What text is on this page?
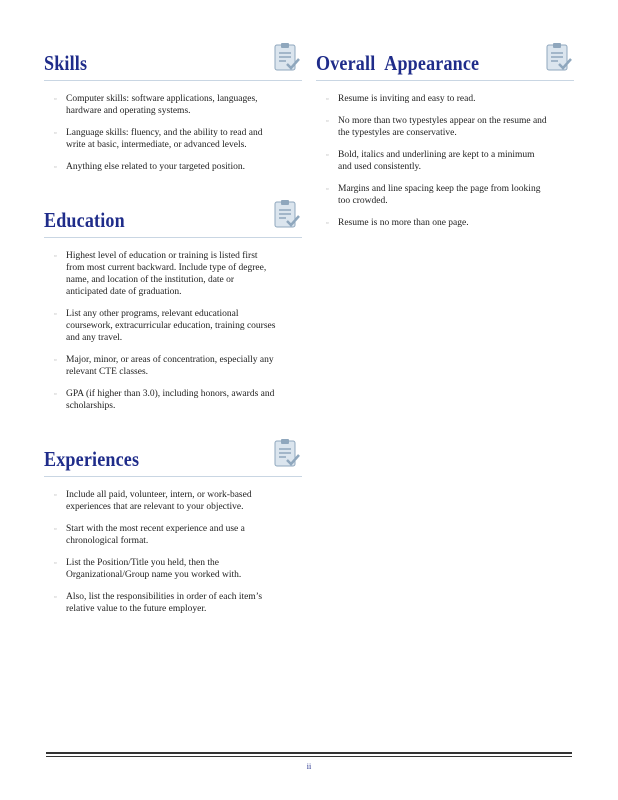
Skills
▫ Computer skills: software applications, languages, hardware and operating systems.
▫ Language skills: fluency, and the ability to read and write at basic, intermediate, or advanced levels.
▫ Anything else related to your targeted position.
Education
▫ Highest level of education or training is listed first from most current backward. Include type of degree, name, and location of the institution, date or anticipated date of graduation.
▫ List any other programs, relevant educational coursework, extracurricular education, training courses and any travel.
▫ Major, minor, or areas of concentration, especially any relevant CTE classes.
▫ GPA (if higher than 3.0), including honors, awards and scholarships.
Experiences
▫ Include all paid, volunteer, intern, or work-based experiences that are relevant to your objective.
▫ Start with the most recent experience and use a chronological format.
▫ List the Position/Title you held, then the Organizational/Group name you worked with.
▫ Also, list the responsibilities in order of each item’s relative value to the future employer.
Overall Appearance
▫ Resume is inviting and easy to read.
▫ No more than two typestyles appear on the resume and the typestyles are conservative.
▫ Bold, italics and underlining are kept to a minimum and used consistently.
▫ Margins and line spacing keep the page from looking too crowded.
▫ Resume is no more than one page.
ii
